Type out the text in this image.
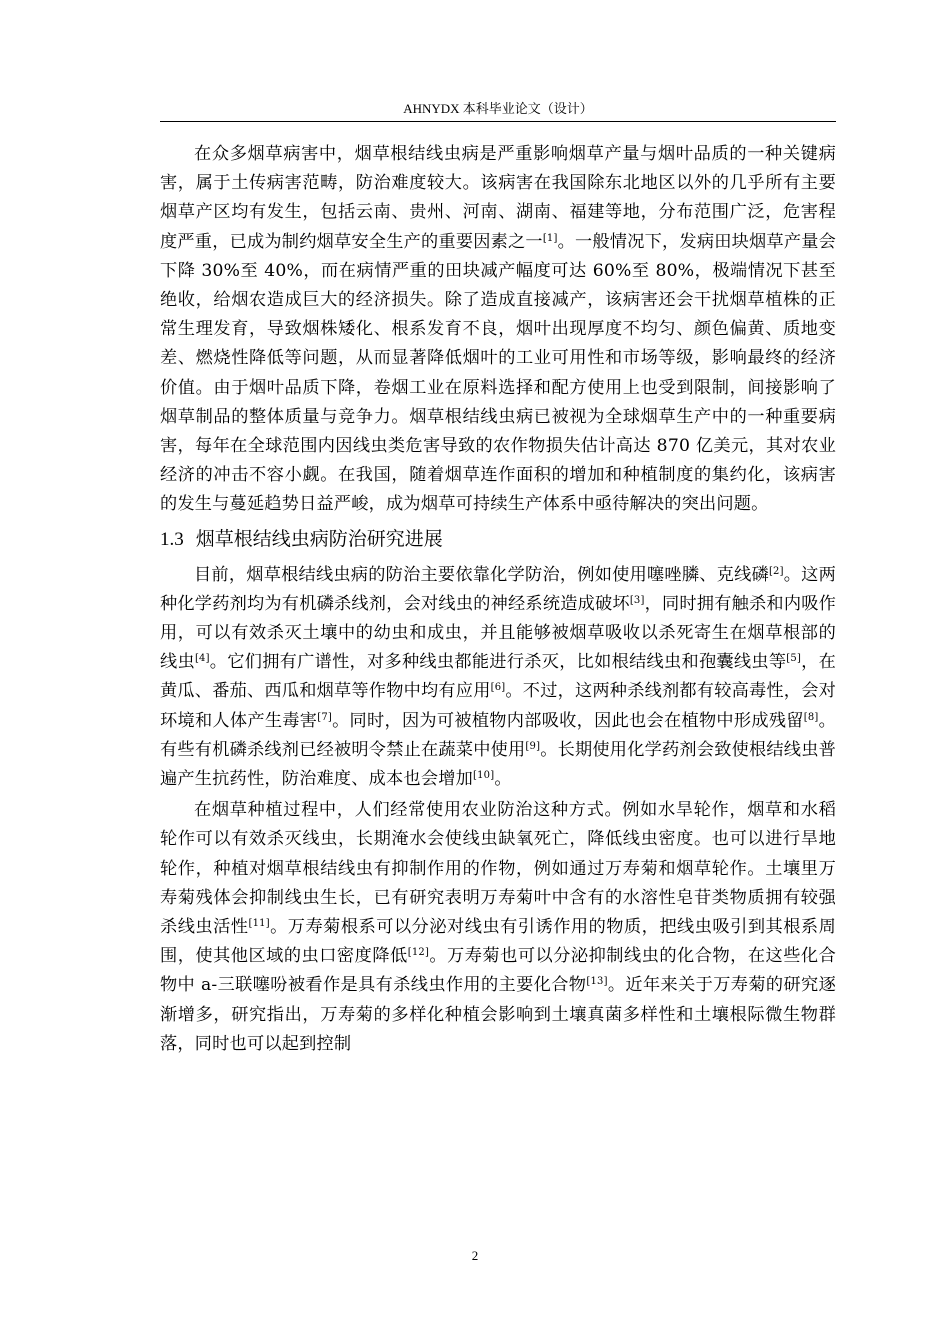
AHNYDX 本科毕业论文（设计）

在众多烟草病害中，烟草根结线虫病是严重影响烟草产量与烟叶品质的一种关键病害，属于土传病害范畴，防治难度较大。该病害在我国除东北地区以外的几乎所有主要烟草产区均有发生，包括云南、贵州、河南、湖南、福建等地，分布范围广泛，危害程度严重，已成为制约烟草安全生产的重要因素之一[1]。一般情况下，发病田块烟草产量会下降 30%至 40%，而在病情严重的田块减产幅度可达 60%至 80%，极端情况下甚至绝收，给烟农造成巨大的经济损失。除了造成直接减产，该病害还会干扰烟草植株的正常生理发育，导致烟株矮化、根系发育不良，烟叶出现厚度不均匀、颜色偏黄、质地变差、燃烧性降低等问题，从而显著降低烟叶的工业可用性和市场等级，影响最终的经济价值。由于烟叶品质下降，卷烟工业在原料选择和配方使用上也受到限制，间接影响了烟草制品的整体质量与竞争力。烟草根结线虫病已被视为全球烟草生产中的一种重要病害，每年在全球范围内因线虫类危害导致的农作物损失估计高达 870 亿美元，其对农业经济的冲击不容小觑。在我国，随着烟草连作面积的增加和种植制度的集约化，该病害的发生与蔓延趋势日益严峻，成为烟草可持续生产体系中亟待解决的突出问题。

1.3 烟草根结线虫病防治研究进展

目前，烟草根结线虫病的防治主要依靠化学防治，例如使用噻唑膦、克线磷[2]。这两种化学药剂均为有机磷杀线剂，会对线虫的神经系统造成破坏[3]，同时拥有触杀和内吸作用，可以有效杀灭土壤中的幼虫和成虫，并且能够被烟草吸收以杀死寄生在烟草根部的线虫[4]。它们拥有广谱性，对多种线虫都能进行杀灭，比如根结线虫和孢囊线虫等[5]，在黄瓜、番茄、西瓜和烟草等作物中均有应用[6]。不过，这两种杀线剂都有较高毒性，会对环境和人体产生毒害[7]。同时，因为可被植物内部吸收，因此也会在植物中形成残留[8]。有些有机磷杀线剂已经被明令禁止在蔬菜中使用[9]。长期使用化学药剂会致使根结线虫普遍产生抗药性，防治难度、成本也会增加[10]。

在烟草种植过程中，人们经常使用农业防治这种方式。例如水旱轮作，烟草和水稻轮作可以有效杀灭线虫，长期淹水会使线虫缺氧死亡，降低线虫密度。也可以进行旱地轮作，种植对烟草根结线虫有抑制作用的作物，例如通过万寿菊和烟草轮作。土壤里万寿菊残体会抑制线虫生长，已有研究表明万寿菊叶中含有的水溶性皂苷类物质拥有较强杀线虫活性[11]。万寿菊根系可以分泌对线虫有引诱作用的物质，把线虫吸引到其根系周围，使其他区域的虫口密度降低[12]。万寿菊也可以分泌抑制线虫的化合物，在这些化合物中 a-三联噻吩被看作是具有杀线虫作用的主要化合物[13]。近年来关于万寿菊的研究逐渐增多，研究指出，万寿菊的多样化种植会影响到土壤真菌多样性和土壤根际微生物群落，同时也可以起到控制

2
